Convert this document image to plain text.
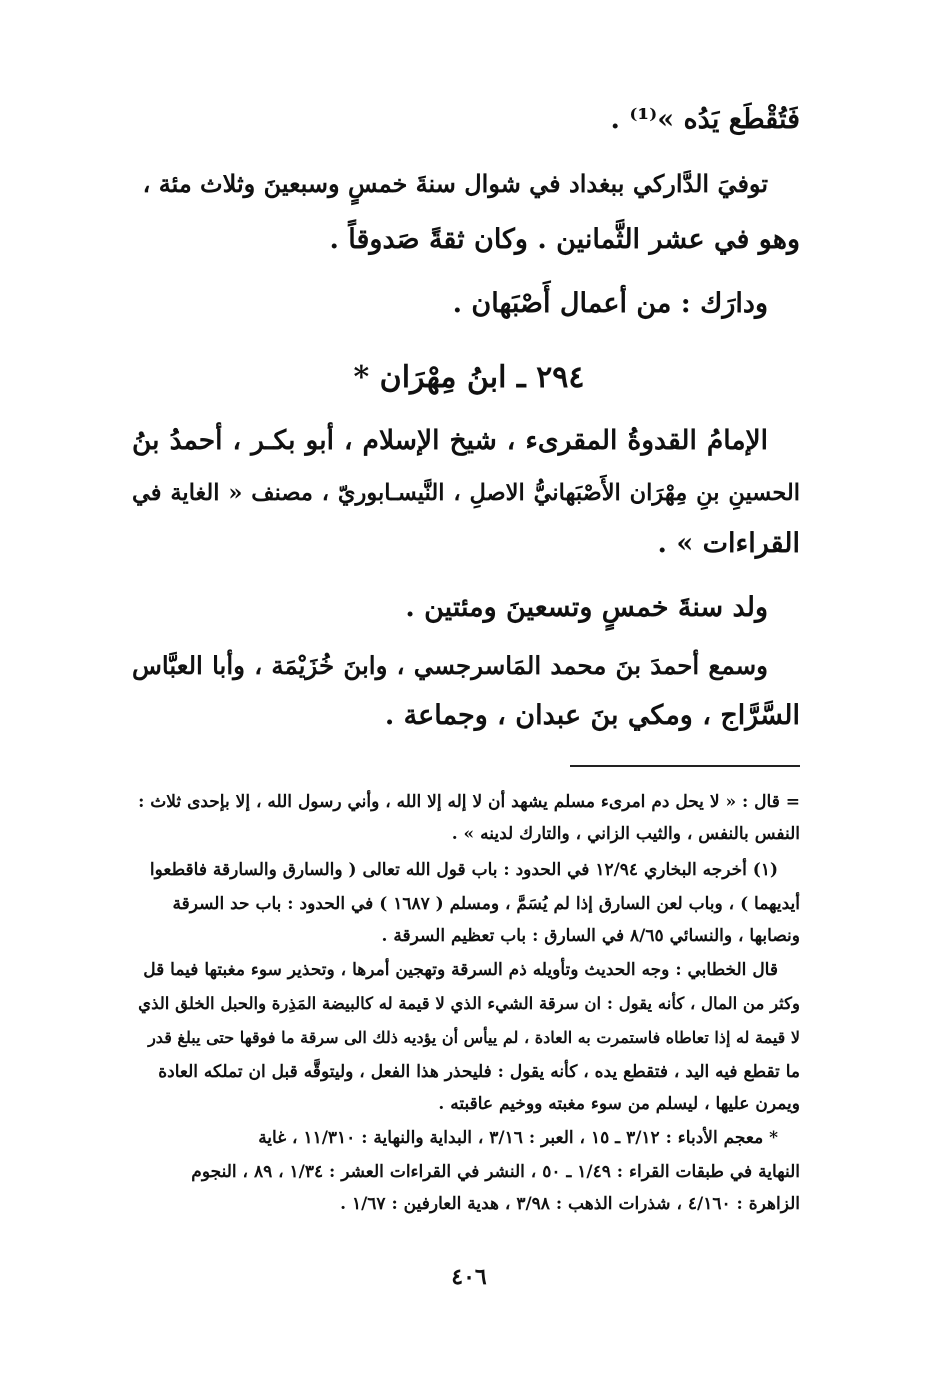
فَتُقْطَع يَدُه »⁽¹⁾ .
توفيَ الدَّاركي ببغداد في شوال سنةَ خمسٍ وسبعينَ وثلاث مئة ،
وهو في عشر الثَّمانين . وكان ثقةً صَدوقاً .
ودارَك : من أعمال أَصْبَهان .
٢٩٤ ـ ابنُ مِهْرَان *
الإمامُ القدوةُ المقرىء ، شيخ الإسلام ، أبو بكـر ، أحمدُ بنُ
الحسينِ بنِ مِهْرَان الأَصْبَهانيُّ الاصلِ ، النَّيسـابوريّ ، مصنف « الغاية في
القراءات » .
ولد سنةَ خمسٍ وتسعينَ ومئتين .
وسمع أحمدَ بنَ محمد المَاسرجسي ، وابنَ خُزَيْمَة ، وأبا العبَّاس
السَّرَّاج ، ومكي بنَ عبدان ، وجماعة .
= قال : « لا يحل دم امرىء مسلم يشهد أن لا إله إلا الله ، وأني رسول الله ، إلا بإحدى ثلاث :
النفس بالنفس ، والثيب الزاني ، والتارك لدينه » .
(١) أخرجه البخاري ١٢/٩٤ في الحدود : باب قول الله تعالى ( والسارق والسارقة فاقطعوا
أيديهما ) ، وباب لعن السارق إذا لم يُسَمَّ ، ومسلم ( ١٦٨٧ ) في الحدود : باب حد السرقة
ونصابها ، والنسائي ٨/٦٥ في السارق : باب تعظيم السرقة .
قال الخطابي : وجه الحديث وتأويله ذم السرقة وتهجين أمرها ، وتحذير سوء مغبتها فيما قل
وكثر من المال ، كأنه يقول : ان سرقة الشيء الذي لا قيمة له كالبيضة المَذِرة والحبل الخلق الذي
لا قيمة له إذا تعاطاه فاستمرت به العادة ، لم ييأس أن يؤديه ذلك الى سرقة ما فوقها حتى يبلغ قدر
ما تقطع فيه اليد ، فتقطع يده ، كأنه يقول : فليحذر هذا الفعل ، وليتوقَّه قبل ان تملكه العادة
ويمرن عليها ، ليسلم من سوء مغبته ووخيم عاقبته .
* معجم الأدباء : ٣/١٢ ـ ١٥ ، العبر : ٣/١٦ ، البداية والنهاية : ١١/٣١٠ ، غاية
النهاية في طبقات القراء : ١/٤٩ ـ ٥٠ ، النشر في القراءات العشر : ١/٣٤ ، ٨٩ ، النجوم
الزاهرة : ٤/١٦٠ ، شذرات الذهب : ٣/٩٨ ، هدية العارفين : ١/٦٧ .
٤٠٦
